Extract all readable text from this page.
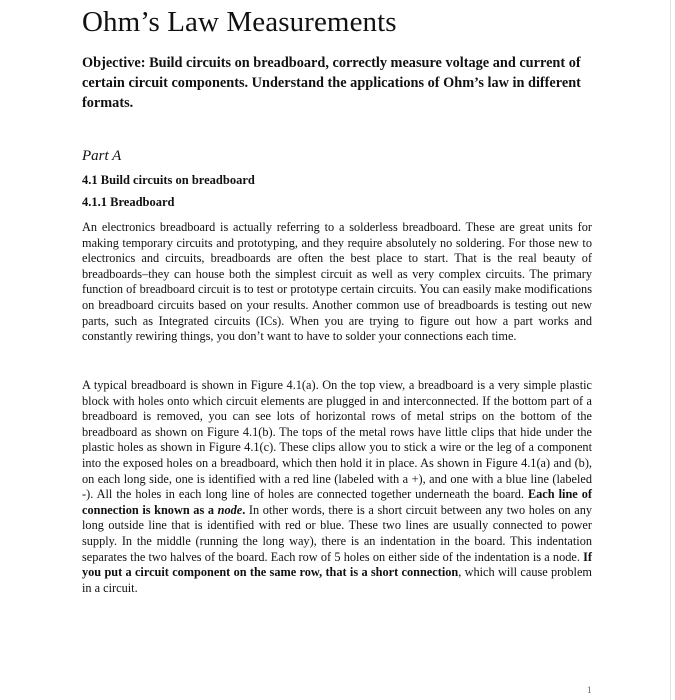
Ohm’s Law Measurements

Objective: Build circuits on breadboard, correctly measure voltage and current of certain circuit components. Understand the applications of Ohm’s law in different formats.

Part A

4.1 Build circuits on breadboard

4.1.1 Breadboard

An electronics breadboard is actually referring to a solderless breadboard. These are great units for making temporary circuits and prototyping, and they require absolutely no soldering. For those new to electronics and circuits, breadboards are often the best place to start. That is the real beauty of breadboards–they can house both the simplest circuit as well as very complex circuits. The primary function of breadboard circuit is to test or prototype certain circuits. You can easily make modifications on breadboard circuits based on your results. Another common use of breadboards is testing out new parts, such as Integrated circuits (ICs). When you are trying to figure out how a part works and constantly rewiring things, you don’t want to have to solder your connections each time.

A typical breadboard is shown in Figure 4.1(a). On the top view, a breadboard is a very simple plastic block with holes onto which circuit elements are plugged in and interconnected. If the bottom part of a breadboard is removed, you can see lots of horizontal rows of metal strips on the bottom of the breadboard as shown on Figure 4.1(b). The tops of the metal rows have little clips that hide under the plastic holes as shown in Figure 4.1(c). These clips allow you to stick a wire or the leg of a component into the exposed holes on a breadboard, which then hold it in place. As shown in Figure 4.1(a) and (b), on each long side, one is identified with a red line (labeled with a +), and one with a blue line (labeled -). All the holes in each long line of holes are connected together underneath the board. Each line of connection is known as a node. In other words, there is a short circuit between any two holes on any long outside line that is identified with red or blue. These two lines are usually connected to power supply. In the middle (running the long way), there is an indentation in the board. This indentation separates the two halves of the board. Each row of 5 holes on either side of the indentation is a node. If you put a circuit component on the same row, that is a short connection, which will cause problem in a circuit.

1
